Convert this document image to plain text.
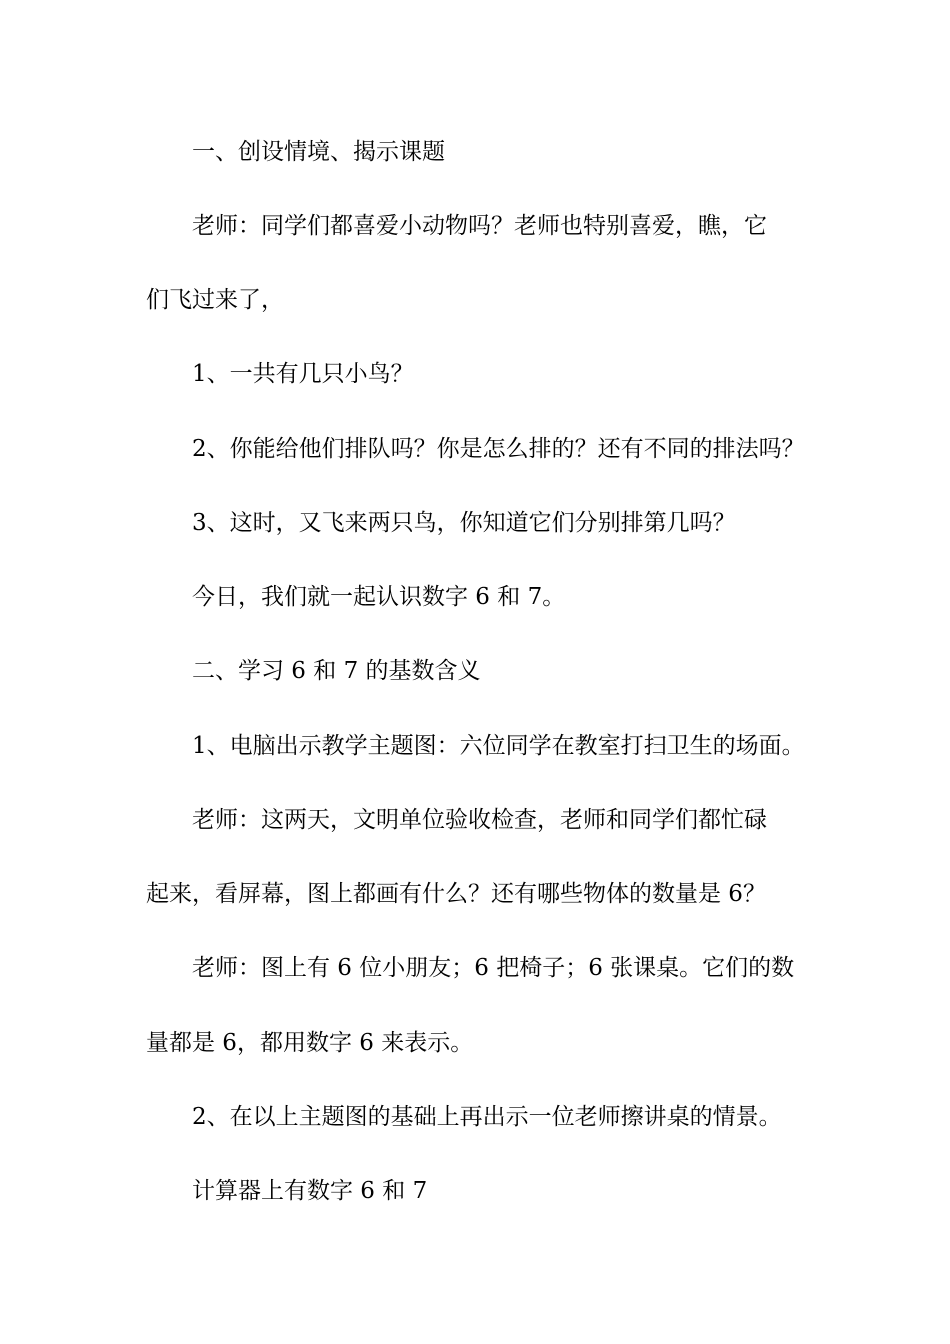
一、创设情境、揭示课题
老师：同学们都喜爱小动物吗？老师也特别喜爱，瞧，它
们飞过来了，
1、一共有几只小鸟？
2、你能给他们排队吗？你是怎么排的？还有不同的排法吗？
3、这时，又飞来两只鸟，你知道它们分别排第几吗？
今日，我们就一起认识数字 6 和 7。
二、学习 6 和 7 的基数含义
1、电脑出示教学主题图：六位同学在教室打扫卫生的场面。
老师：这两天，文明单位验收检查，老师和同学们都忙碌
起来，看屏幕，图上都画有什么？还有哪些物体的数量是 6？
老师：图上有 6 位小朋友；6 把椅子；6 张课桌。它们的数
量都是 6，都用数字 6 来表示。
2、在以上主题图的基础上再出示一位老师擦讲桌的情景。
计算器上有数字 6 和 7
